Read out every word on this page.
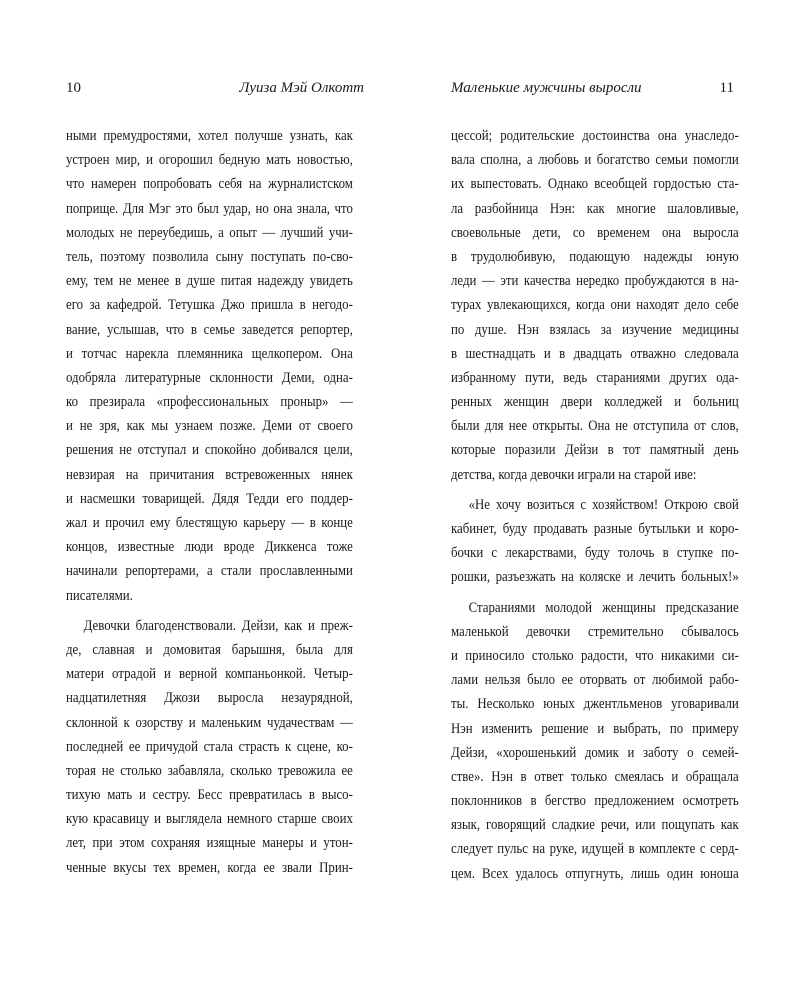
10	Луиза Мэй Олкотт
ными премудростями, хотел получше узнать, как
устроен мир, и огорошил бедную мать новостью,
что намерен попробовать себя на журналистском
поприще. Для Мэг это был удар, но она знала, что
молодых не переубедишь, а опыт — лучший учи-
тель, поэтому позволила сыну поступать по-сво-
ему, тем не менее в душе питая надежду увидеть
его за кафедрой. Тетушка Джо пришла в негодо-
вание, услышав, что в семье заведется репортер,
и тотчас нарекла племянника щелкопером. Она
одобряла литературные склонности Деми, одна-
ко презирала «профессиональных проныр» —
и не зря, как мы узнаем позже. Деми от своего
решения не отступал и спокойно добивался цели,
невзирая на причитания встревоженных нянек
и насмешки товарищей. Дядя Тедди его поддер-
жал и прочил ему блестящую карьеру — в конце
концов, известные люди вроде Диккенса тоже
начинали репортерами, а стали прославленными
писателями.
Девочки благоденствовали. Дейзи, как и преж-
де, славная и домовитая барышня, была для
матери отрадой и верной компаньонкой. Четыр-
надцатилетняя Джози выросла незаурядной,
склонной к озорству и маленьким чудачествам —
последней ее причудой стала страсть к сцене, ко-
торая не столько забавляла, сколько тревожила ее
тихую мать и сестру. Бесс превратилась в высо-
кую красавицу и выглядела немного старше своих
лет, при этом сохраняя изящные манеры и утон-
ченные вкусы тех времен, когда ее звали Прин-
Маленькие мужчины выросли	11
цессой; родительские достоинства она унаследо-
вала сполна, а любовь и богатство семьи помогли
их выпестовать. Однако всеобщей гордостью ста-
ла разбойница Нэн: как многие шаловливые,
своевольные дети, со временем она выросла
в трудолюбивую, подающую надежды юную
леди — эти качества нередко пробуждаются в на-
турах увлекающихся, когда они находят дело себе
по душе. Нэн взялась за изучение медицины
в шестнадцать и в двадцать отважно следовала
избранному пути, ведь стараниями других ода-
ренных женщин двери колледжей и больниц
были для нее открыты. Она не отступила от слов,
которые поразили Дейзи в тот памятный день
детства, когда девочки играли на старой иве:
«Не хочу возиться с хозяйством! Открою свой
кабинет, буду продавать разные бутыльки и коро-
бочки с лекарствами, буду толочь в ступке по-
рошки, разъезжать на коляске и лечить больных!»
Стараниями молодой женщины предсказание
маленькой девочки стремительно сбывалось
и приносило столько радости, что никакими си-
лами нельзя было ее оторвать от любимой рабо-
ты. Несколько юных джентльменов уговаривали
Нэн изменить решение и выбрать, по примеру
Дейзи, «хорошенький домик и заботу о семей-
стве». Нэн в ответ только смеялась и обращала
поклонников в бегство предложением осмотреть
язык, говорящий сладкие речи, или пощупать как
следует пульс на руке, идущей в комплекте с серд-
цем. Всех удалось отпугнуть, лишь один юноша
